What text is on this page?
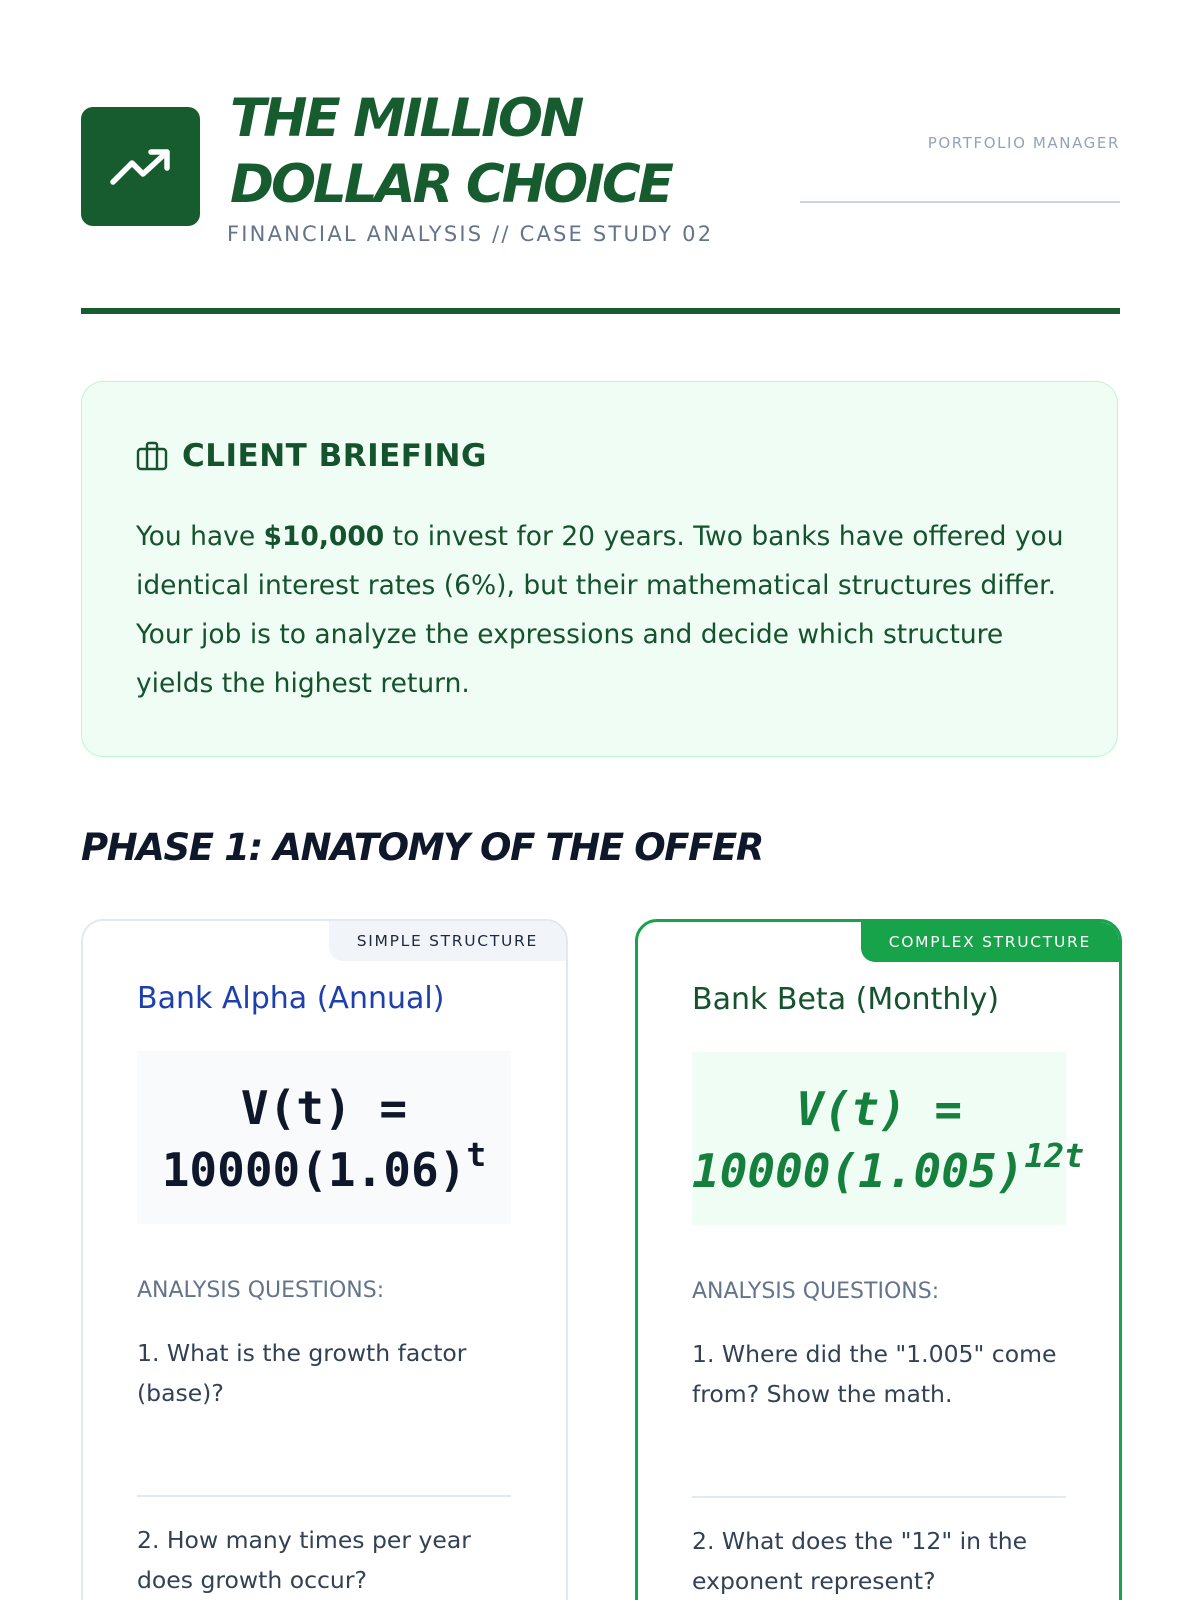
THE MILLION
DOLLAR CHOICE
FINANCIAL ANALYSIS // CASE STUDY 02
PORTFOLIO MANAGER
CLIENT BRIEFING

You have $10,000 to invest for 20 years. Two banks have offered you identical interest rates (6%), but their mathematical structures differ. Your job is to analyze the expressions and decide which structure yields the highest return.

PHASE 1: ANATOMY OF THE OFFER
SIMPLE STRUCTURE
Bank Alpha (Annual)
V(t) =
$10000(1.06)^t$
ANALYSIS QUESTIONS:

1. What is the growth factor (base)?

2. How many times per year does growth occur?

COMPLEX STRUCTURE
Bank Beta (Monthly)
V(t) =
$10000(1.005)^{12t}$
ANALYSIS QUESTIONS:

1. Where did the "1.005" come from? Show the math.

2. What does the "12" in the exponent represent?
